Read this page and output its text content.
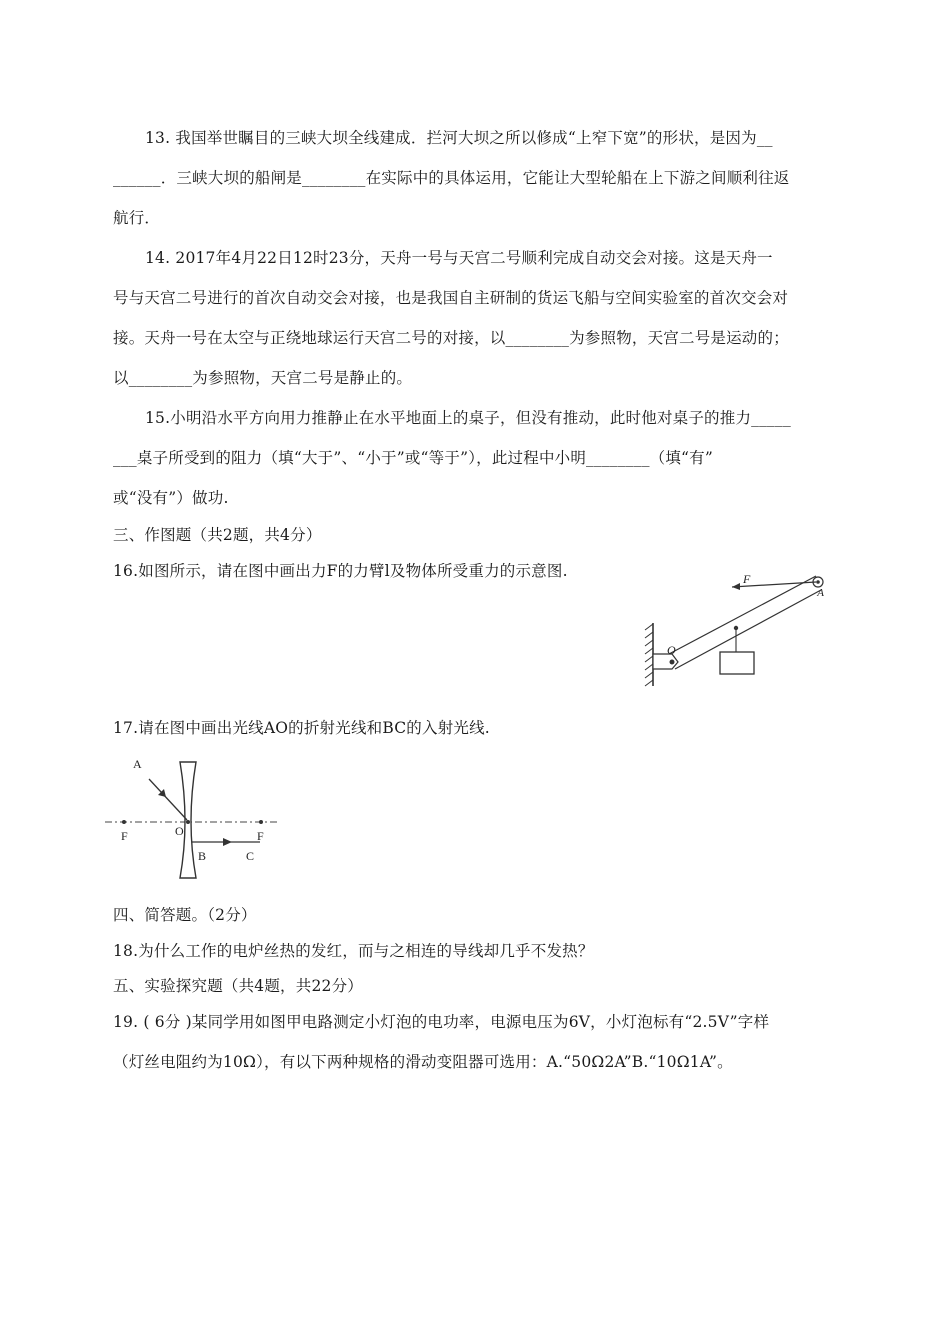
13. 我国举世瞩目的三峡大坝全线建成．拦河大坝之所以修成“上窄下宽”的形状，是因为__
______．三峡大坝的船闸是________在实际中的具体运用，它能让大型轮船在上下游之间顺利往返
航行．
14. 2017年4月22日12时23分，天舟一号与天宫二号顺利完成自动交会对接。这是天舟一
号与天宫二号进行的首次自动交会对接，也是我国自主研制的货运飞船与空间实验室的首次交会对
接。天舟一号在太空与正绕地球运行天宫二号的对接，以________为参照物，天宫二号是运动的；
以________为参照物，天宫二号是静止的。
15.小明沿水平方向用力推静止在水平地面上的桌子，但没有推动，此时他对桌子的推力_____
___桌子所受到的阻力（填“大于”、“小于”或“等于”），此过程中小明________（填“有”
或“没有”）做功.
三、作图题（共2题，共4分）
16.如图所示，请在图中画出力F的力臂l及物体所受重力的示意图.	F
A
O
17.请在图中画出光线AO的折射光线和BC的入射光线.
A
F	O
B	C
F
四、简答题。（2分）
18.为什么工作的电炉丝热的发红，而与之相连的导线却几乎不发热？
五、实验探究题（共4题，共22分）
19. ( 6分 )某同学用如图甲电路测定小灯泡的电功率，电源电压为6V，小灯泡标有“2.5V”字样
（灯丝电阻约为10Ω），有以下两种规格的滑动变阻器可选用：A.“50Ω2A”B.“10Ω1A”。
